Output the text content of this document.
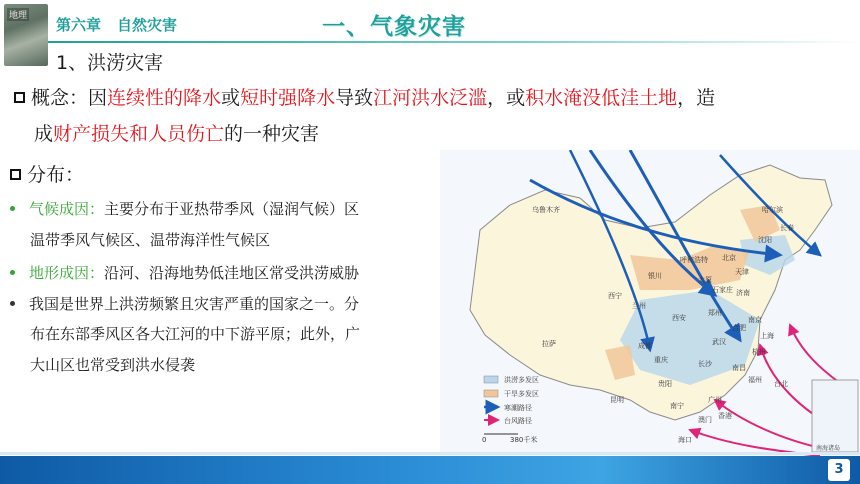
地理 第六章 自然灾害	一、气象灾害
1、洪涝灾害
概念：因连续性的降水或短时强降水导致江河洪水泛滥，或积水淹没低洼土地，造
成财产损失和人员伤亡的一种灾害
分布：
气候成因：主要分布于亚热带季风（湿润气候）区
温带季风气候区、温带海洋性气候区
地形成因：沿河、沿海地势低洼地区常受洪涝威胁
我国是世界上洪涝频繁且灾害严重的国家之一。分
布在东部季风区各大江河的中下游平原；此外，广
大山区也常受到洪水侵袭
乌鲁木齐	哈尔滨
长春
沈阳
呼和浩特 北京
天津
银川	太原
石家庄 济南
西宁
兰州
西安
郑州
合肥
南京
上海
拉萨	成都	武汉
杭州
重庆	长沙	南昌
贵阳	福州
昆明
南宁
广州
台北
香港
澳门
海口
南海诸岛
洪涝多发区
干旱多发区
寒潮路径
台风路径
0	380千米
3
